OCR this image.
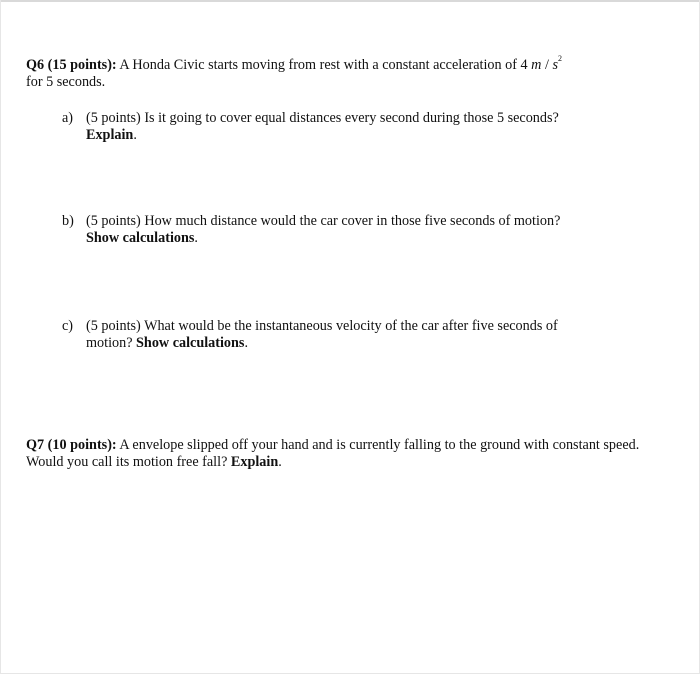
Q6 (15 points): A Honda Civic starts moving from rest with a constant acceleration of 4 m / $s^2$
for 5 seconds.
a) (5 points) Is it going to cover equal distances every second during those 5 seconds?
Explain.
b) (5 points) How much distance would the car cover in those five seconds of motion?
Show calculations.
c) (5 points) What would be the instantaneous velocity of the car after five seconds of motion? Show calculations.
Q7 (10 points): A envelope slipped off your hand and is currently falling to the ground with constant speed. Would you call its motion free fall? Explain.
